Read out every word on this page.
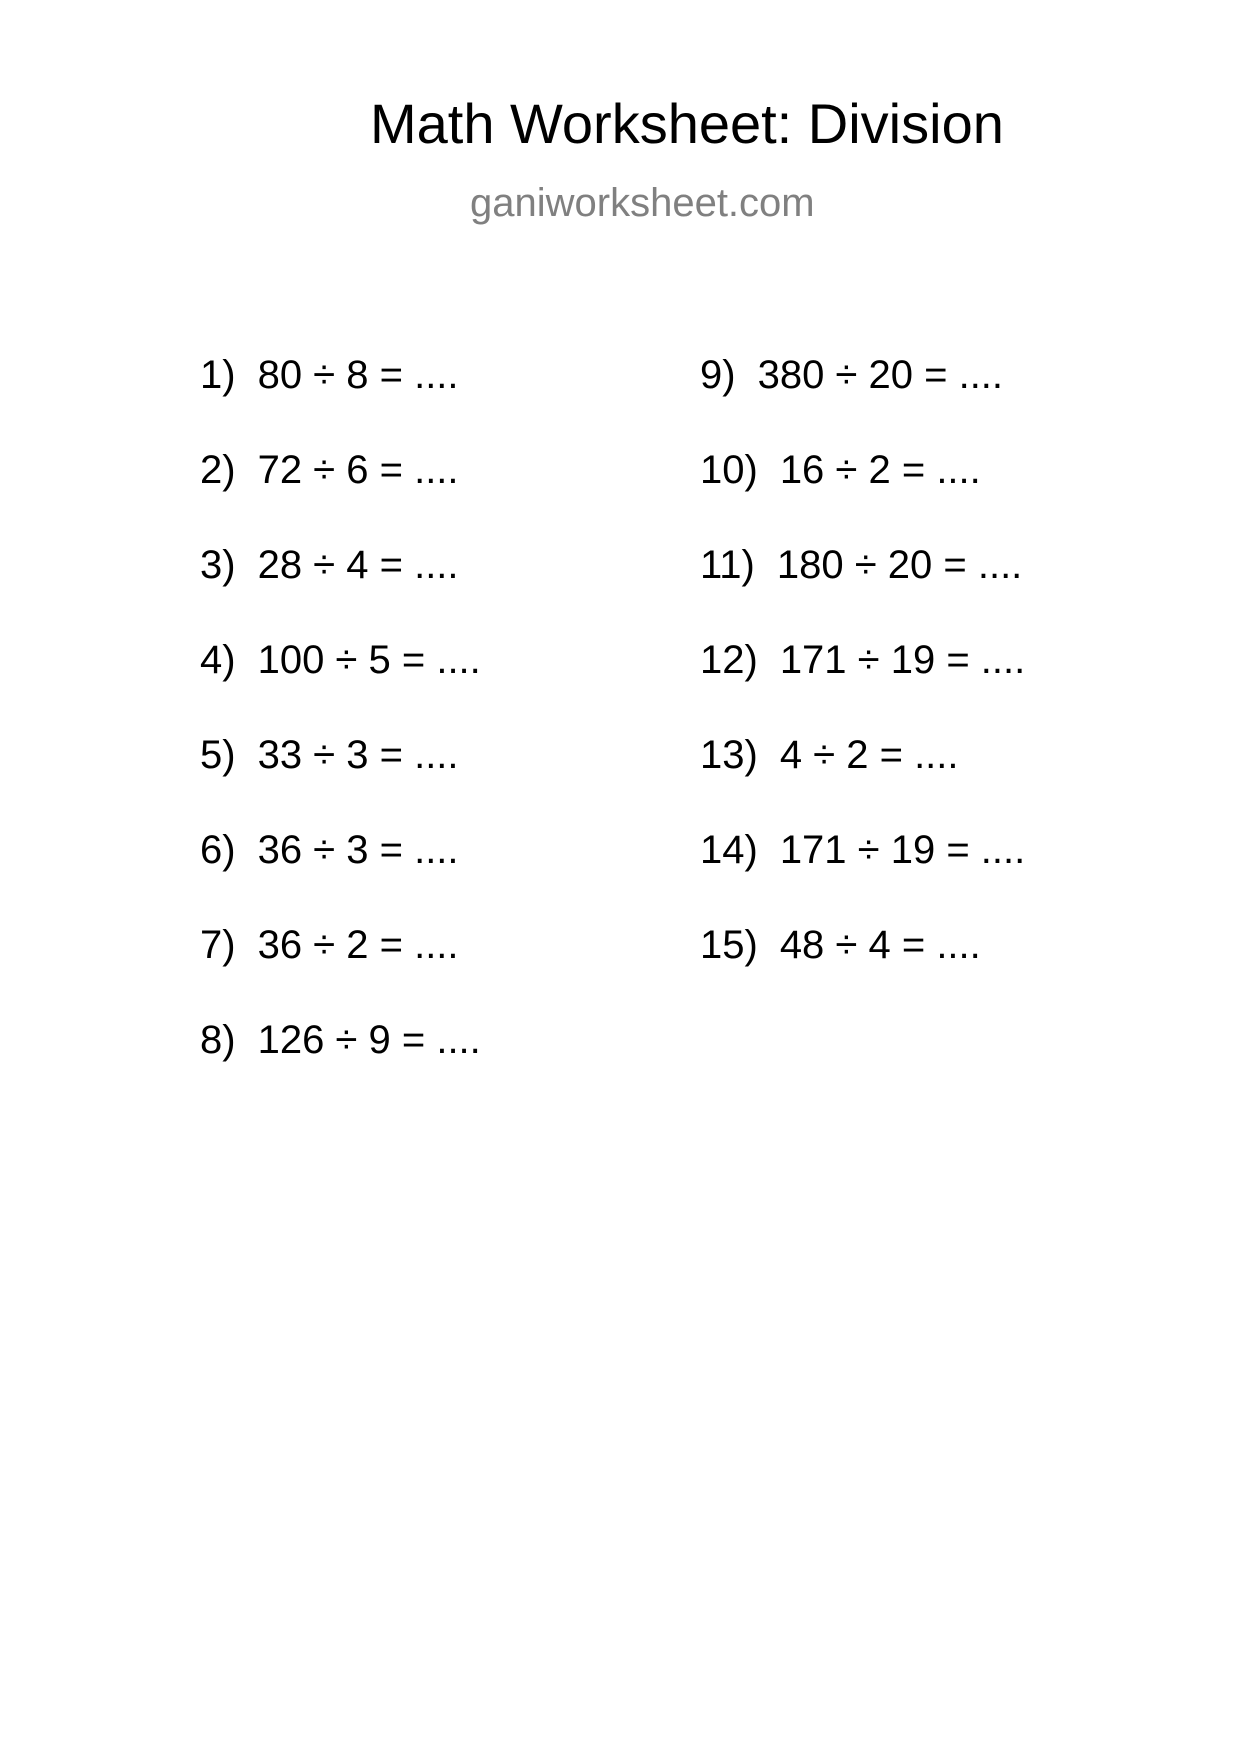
Math Worksheet: Division
ganiworksheet.com
1) 80 ÷ 8 = ....
2) 72 ÷ 6 = ....
3) 28 ÷ 4 = ....
4) 100 ÷ 5 = ....
5) 33 ÷ 3 = ....
6) 36 ÷ 3 = ....
7) 36 ÷ 2 = ....
8) 126 ÷ 9 = ....
9) 380 ÷ 20 = ....
10) 16 ÷ 2 = ....
11) 180 ÷ 20 = ....
12) 171 ÷ 19 = ....
13) 4 ÷ 2 = ....
14) 171 ÷ 19 = ....
15) 48 ÷ 4 = ....
